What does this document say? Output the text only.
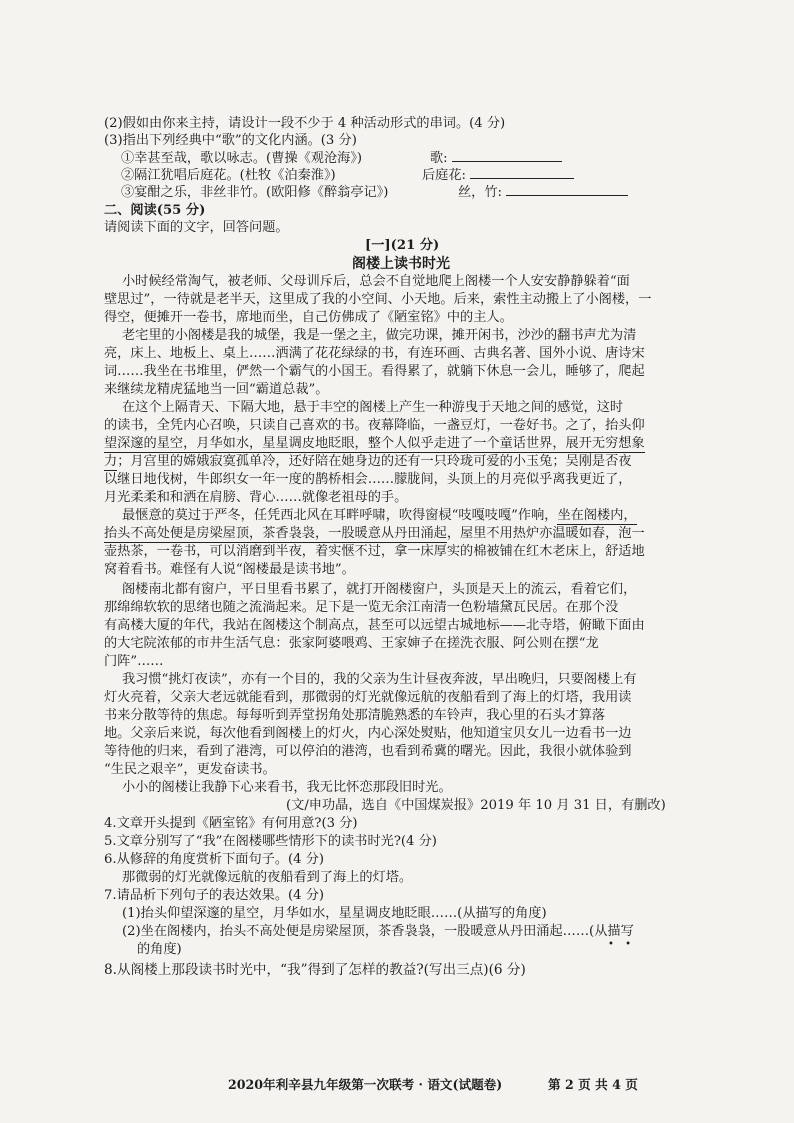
(2)假如由你来主持，请设计一段不少于 4 种活动形式的串词。(4 分)
(3)指出下列经典中“歌”的文化内涵。(3 分)
①幸甚至哉，歌以咏志。(曹操《观沧海》)	歌:
②隔江犹唱后庭花。(杜牧《泊秦淮》)	后庭花:
③宴酣之乐，非丝非竹。(欧阳修《醉翁亭记》)	丝，竹:
二、阅读(55 分)
请阅读下面的文字，回答问题。
[一](21 分)
阁楼上读书时光
小时候经常淘气，被老师、父母训斥后，总会不自觉地爬上阁楼一个人安安静静躲着“面
壁思过”，一待就是老半天，这里成了我的小空间、小天地。后来，索性主动搬上了小阁楼，一
得空，便摊开一卷书，席地而坐，自己仿佛成了《陋室铭》中的主人。
老宅里的小阁楼是我的城堡，我是一堡之主，做完功课，摊开闲书，沙沙的翻书声尤为清
亮，床上、地板上、桌上……洒满了花花绿绿的书，有连环画、古典名著、国外小说、唐诗宋
词……我坐在书堆里，俨然一个霸气的小国王。看得累了，就躺下休息一会儿，睡够了，爬起
来继续龙精虎猛地当一回“霸道总裁”。
在这个上隔青天、下隔大地，悬于丰空的阁楼上产生一种游曳于天地之间的感觉，这时
的读书，全凭内心召唤，只读自己喜欢的书。夜幕降临，一盏豆灯，一卷好书。之了，抬头仰
望深邃的星空，月华如水，星星调皮地眨眼，整个人似乎走进了一个童话世界，展开无穷想象
力；月宫里的嫦娥寂寞孤单冷，还好陪在她身边的还有一只玲珑可爱的小玉兔；吴刚是否夜
以继日地伐树，牛郎织女一年一度的鹊桥相会……朦胧间，头顶上的月亮似乎离我更近了，
月光柔柔和和洒在肩膀、背心……就像老祖母的手。
最惬意的莫过于严冬，任凭西北风在耳畔呼啸，吹得窗棂“吱嘎吱嘎”作响，坐在阁楼内，
抬头不高处便是房梁屋顶，茶香袅袅，一股暖意从丹田涌起，屋里不用热炉亦温暖如春，泡一
壶热茶，一卷书，可以消磨到半夜，着实惬不过，拿一床厚实的棉被铺在红木老床上，舒适地
窝着看书。难怪有人说“阁楼最是读书地”。
阁楼南北都有窗户，平日里看书累了，就打开阁楼窗户，头顶是天上的流云，看着它们，
那绵绵软软的思绪也随之流淌起来。足下是一览无余江南清一色粉墙黛瓦民居。在那个没
有高楼大厦的年代，我站在阁楼这个制高点，甚至可以远望古城地标——北寺塔，俯瞰下面由
的大宅院浓郁的市井生活气息：张家阿婆喂鸡、王家婶子在搓洗衣服、阿公则在摆“龙
门阵”……
我习惯“挑灯夜读”，亦有一个目的，我的父亲为生计昼夜奔波，早出晚归，只要阁楼上有
灯火亮着，父亲大老远就能看到，那微弱的灯光就像远航的夜船看到了海上的灯塔，我用读
书来分散等待的焦虑。每每听到弄堂拐角处那清脆熟悉的车铃声，我心里的石头才算落
地。父亲后来说，每次他看到阁楼上的灯火，内心深处熨贴，他知道宝贝女儿一边看书一边
等待他的归来，看到了港湾，可以停泊的港湾，也看到希冀的曙光。因此，我很小就体验到
“生民之艰辛”，更发奋读书。
小小的阁楼让我静下心来看书，我无比怀恋那段旧时光。
(文/申功晶，选自《中国煤炭报》2019 年 10 月 31 日，有删改)
4.文章开头提到《陋室铭》有何用意?(3 分)
5.文章分别写了“我”在阁楼哪些情形下的读书时光?(4 分)
6.从修辞的角度赏析下面句子。(4 分)
那微弱的灯光就像远航的夜船看到了海上的灯塔。
7.请品析下列句子的表达效果。(4 分)
(1)抬头仰望深邃的星空，月华如水，星星调皮地眨眼……(从描写的角度)
(2)坐在阁楼内，抬头不高处便是房梁屋顶，茶香袅袅，一股暖意从丹田涌起……(从描写
• •
的角度)
8.从阁楼上那段读书时光中，“我”得到了怎样的教益?(写出三点)(6 分)
2020年利辛县九年级第一次联考 · 语文(试题卷)	第 2 页 共 4 页
